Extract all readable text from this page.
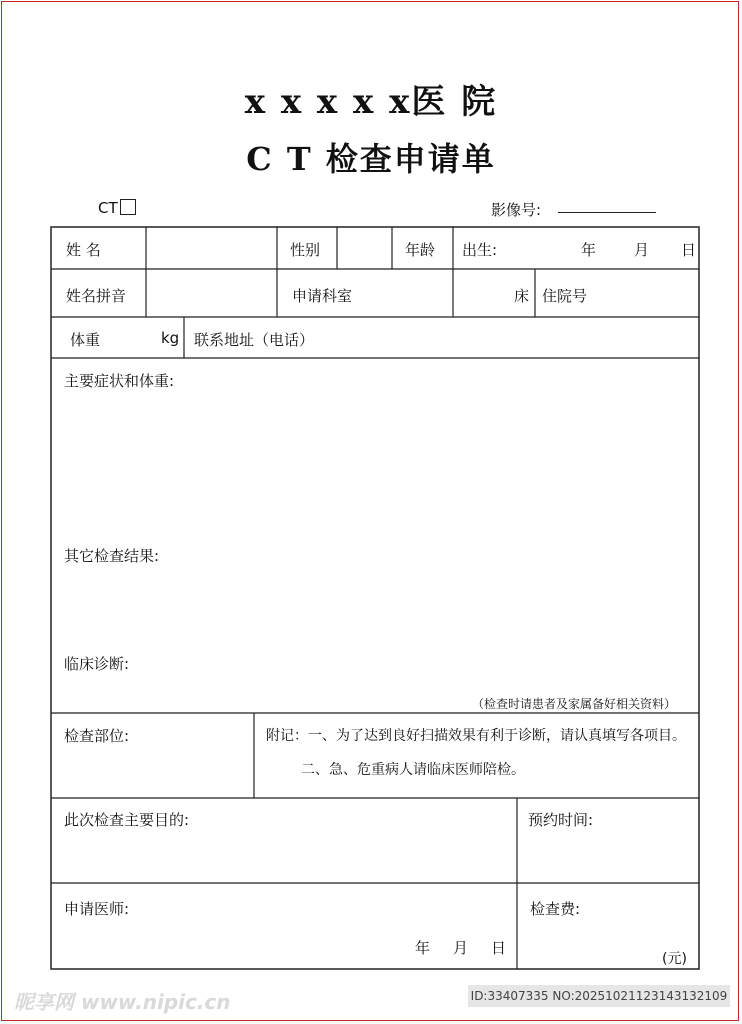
x x x x x医 院
C T 检查申请单
CT	影像号:
姓 名	性别	年龄 出生:	年	月 日
姓名拼音	申请科室	床 住院号
体重	kg 联系地址（电话）
主要症状和体重:
其它检查结果:
临床诊断:
（检查时请患者及家属备好相关资料）
检查部位:	附记：一、为了达到良好扫描效果有利于诊断，请认真填写各项目。
二、急、危重病人请临床医师陪检。
此次检查主要目的:	预约时间:
申请医师:	检查费:
年 月 日
(元)
昵享网 www.nipic.cn	ID:33407335 NO:20251021123143132109
